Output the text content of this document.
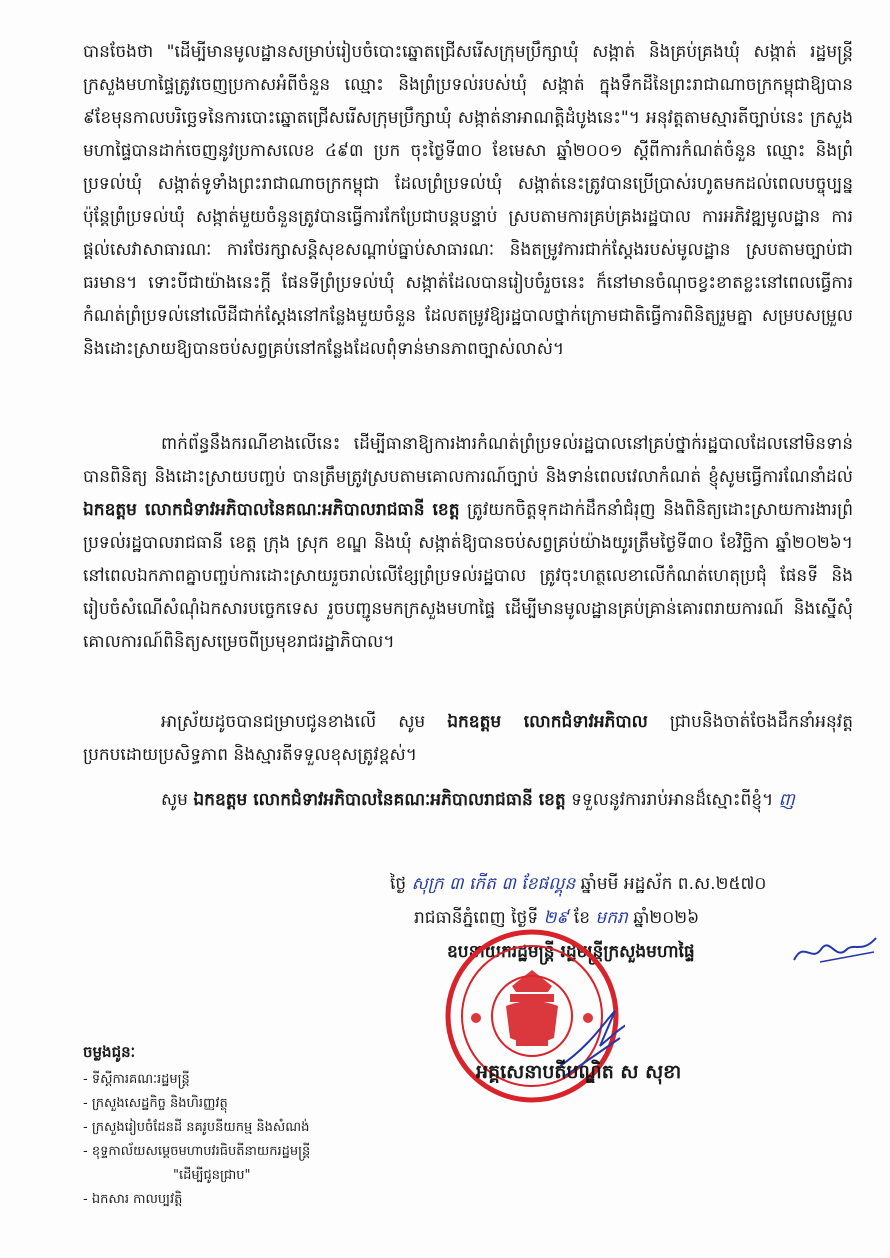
បានចែងថា "ដើម្បីមានមូលដ្ឋានសម្រាប់រៀបចំបោះឆ្នោតជ្រើសរើសក្រុមប្រឹក្សាឃុំ សង្កាត់ និងគ្រប់គ្រងឃុំ សង្កាត់ រដ្ឋមន្ត្រីក្រសួងមហាផ្ទៃត្រូវចេញប្រកាសអំពីចំនួន ឈ្មោះ និងព្រំប្រទល់របស់ឃុំ សង្កាត់ ក្នុងទឹកដីនៃព្រះរាជាណាចក្រកម្ពុជាឱ្យបាន ៩ខែមុនកាលបរិច្ឆេទនៃការបោះឆ្នោតជ្រើសរើសក្រុមប្រឹក្សាឃុំ សង្កាត់នាអាណត្តិដំបូងនេះ"។ អនុវត្តតាមស្មារតីច្បាប់នេះ ក្រសួងមហាផ្ទៃបានដាក់ចេញនូវប្រកាសលេខ ៤៩៣ ប្រក ចុះថ្ងៃទី៣០ ខែមេសា ឆ្នាំ២០០១ ស្តីពីការកំណត់ចំនួន ឈ្មោះ និងព្រំប្រទល់ឃុំ សង្កាត់ទូទាំងព្រះរាជាណាចក្រកម្ពុជា ដែលព្រំប្រទល់ឃុំ សង្កាត់នេះត្រូវបានប្រើប្រាស់រហូតមកដល់ពេលបច្ចុប្បន្ន ប៉ុន្តែព្រំប្រទល់ឃុំ សង្កាត់មួយចំនួនត្រូវបានធ្វើការកែប្រែជាបន្តបន្ទាប់ ស្របតាមការគ្រប់គ្រងរដ្ឋបាល ការអភិវឌ្ឍមូលដ្ឋាន ការផ្តល់សេវាសាធារណៈ ការថែរក្សាសន្តិសុខសណ្តាប់ធ្នាប់សាធារណៈ និងតម្រូវការជាក់ស្តែងរបស់មូលដ្ឋាន ស្របតាមច្បាប់ជាធរមាន។ ទោះបីជាយ៉ាងនេះក្តី ផែនទីព្រំប្រទល់ឃុំ សង្កាត់ដែលបានរៀបចំរួចនេះ ក៏នៅមានចំណុចខ្វះខាតខ្លះនៅពេលធ្វើការកំណត់ព្រំប្រទល់នៅលើដីជាក់ស្តែងនៅកន្លែងមួយចំនួន ដែលតម្រូវឱ្យរដ្ឋបាលថ្នាក់ក្រោមជាតិធ្វើការពិនិត្យរួមគ្នា សម្របសម្រួល និងដោះស្រាយឱ្យបានចប់សព្វគ្រប់នៅកន្លែងដែលពុំទាន់មានភាពច្បាស់លាស់។
ពាក់ព័ន្ធនឹងករណីខាងលើនេះ ដើម្បីធានាឱ្យការងារកំណត់ព្រំប្រទល់រដ្ឋបាលនៅគ្រប់ថ្នាក់រដ្ឋបាលដែលនៅមិនទាន់បានពិនិត្យ និងដោះស្រាយបញ្ចប់ បានត្រឹមត្រូវស្របតាមគោលការណ៍ច្បាប់ និងទាន់ពេលវេលាកំណត់ ខ្ញុំសូមធ្វើការណែនាំដល់ ឯកឧត្តម លោកជំទាវអភិបាលនៃគណៈអភិបាលរាជធានី ខេត្ត ត្រូវយកចិត្តទុកដាក់ដឹកនាំជំរុញ និងពិនិត្យដោះស្រាយការងារព្រំប្រទល់រដ្ឋបាលរាជធានី ខេត្ត ក្រុង ស្រុក ខណ្ឌ និងឃុំ សង្កាត់ឱ្យបានចប់សព្វគ្រប់យ៉ាងយូរត្រឹមថ្ងៃទី៣០ ខែវិច្ឆិកា ឆ្នាំ២០២៦។ នៅពេលឯកភាពគ្នាបញ្ចប់ការដោះស្រាយរួចរាល់លើខ្សែព្រំប្រទល់រដ្ឋបាល ត្រូវចុះហត្ថលេខាលើកំណត់ហេតុប្រជុំ ផែនទី និងរៀបចំសំណើសំណុំឯកសារបច្ចេកទេស រួចបញ្ជូនមកក្រសួងមហាផ្ទៃ ដើម្បីមានមូលដ្ឋានគ្រប់គ្រាន់គោរពរាយការណ៍ និងស្នើសុំគោលការណ៍ពិនិត្យសម្រេចពីប្រមុខរាជរដ្ឋាភិបាល។
អាស្រ័យដូចបានជម្រាបជូនខាងលើ សូម ឯកឧត្តម លោកជំទាវអភិបាល ជ្រាបនិងចាត់ចែងដឹកនាំអនុវត្តប្រកបដោយប្រសិទ្ធភាព និងស្មារតីទទួលខុសត្រូវខ្ពស់។
សូម ឯកឧត្តម លោកជំទាវអភិបាលនៃគណៈអភិបាលរាជធានី ខេត្ត ទទួលនូវការរាប់អានដ៏ស្មោះពីខ្ញុំ។ ញ
ថ្ងៃ សុក្រ ៣ កើត ៣ ខែផល្គុន ឆ្នាំមមី អដ្ឋស័ក ព.ស.២៥៧០
រាជធានីភ្នំពេញ ថ្ងៃទី ២៩ ខែ មករា ឆ្នាំ២០២៦
ឧបនាយករដ្ឋមន្ត្រី រដ្ឋមន្ត្រីក្រសួងមហាផ្ទៃ
អគ្គសេនាបតីបណ្ឌិត ស សុខា
ចម្លងជូនៈ
- ទីស្តីការគណៈរដ្ឋមន្ត្រី
- ក្រសួងសេដ្ឋកិច្ច និងហិរញ្ញវត្ថុ
- ក្រសួងរៀបចំដែនដី នគរូបនីយកម្ម និងសំណង់
- ខុទ្ទកាល័យសម្តេចមហាបវរធិបតីនាយករដ្ឋមន្ត្រី
"ដើម្បីជូនជ្រាប"
- ឯកសារ កាលប្បវត្តិ
